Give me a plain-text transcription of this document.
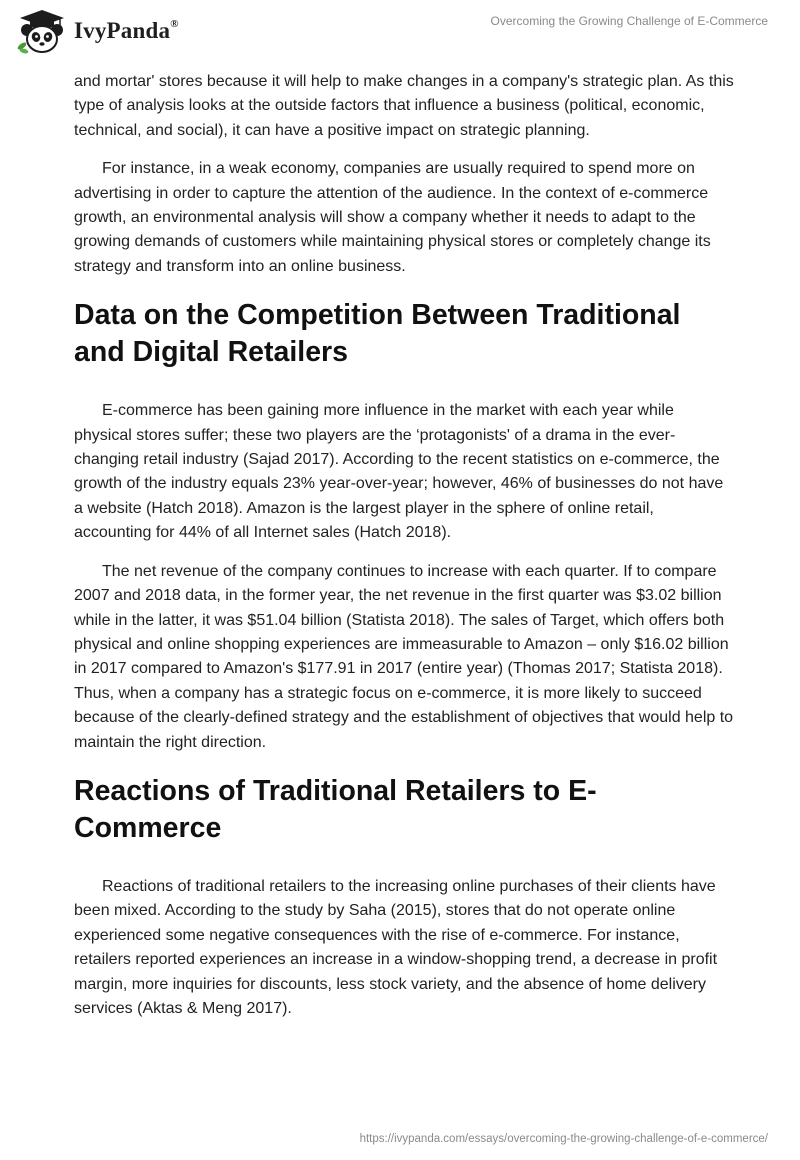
IvyPanda®	Overcoming the Growing Challenge of E-Commerce

and mortar' stores because it will help to make changes in a company's strategic plan. As this type of analysis looks at the outside factors that influence a business (political, economic, technical, and social), it can have a positive impact on strategic planning.

For instance, in a weak economy, companies are usually required to spend more on advertising in order to capture the attention of the audience. In the context of e-commerce growth, an environmental analysis will show a company whether it needs to adapt to the growing demands of customers while maintaining physical stores or completely change its strategy and transform into an online business.

Data on the Competition Between Traditional and Digital Retailers

E-commerce has been gaining more influence in the market with each year while physical stores suffer; these two players are the ‘protagonists' of a drama in the ever-changing retail industry (Sajad 2017). According to the recent statistics on e-commerce, the growth of the industry equals 23% year-over-year; however, 46% of businesses do not have a website (Hatch 2018). Amazon is the largest player in the sphere of online retail, accounting for 44% of all Internet sales (Hatch 2018).

The net revenue of the company continues to increase with each quarter. If to compare 2007 and 2018 data, in the former year, the net revenue in the first quarter was $3.02 billion while in the latter, it was $51.04 billion (Statista 2018). The sales of Target, which offers both physical and online shopping experiences are immeasurable to Amazon – only $16.02 billion in 2017 compared to Amazon's $177.91 in 2017 (entire year) (Thomas 2017; Statista 2018). Thus, when a company has a strategic focus on e-commerce, it is more likely to succeed because of the clearly-defined strategy and the establishment of objectives that would help to maintain the right direction.

Reactions of Traditional Retailers to E-Commerce

Reactions of traditional retailers to the increasing online purchases of their clients have been mixed. According to the study by Saha (2015), stores that do not operate online experienced some negative consequences with the rise of e-commerce. For instance, retailers reported experiences an increase in a window-shopping trend, a decrease in profit margin, more inquiries for discounts, less stock variety, and the absence of home delivery services (Aktas & Meng 2017).

https://ivypanda.com/essays/overcoming-the-growing-challenge-of-e-commerce/
